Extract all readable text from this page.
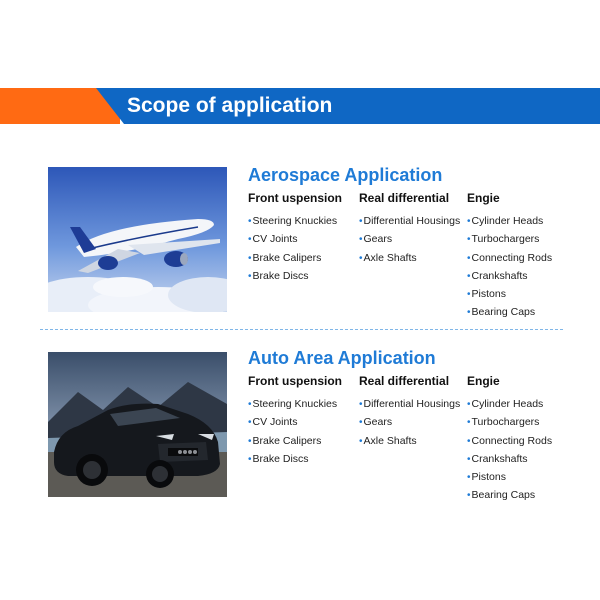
Scope of application
Aerospace Application
Front uspension
•Steering Knuckies
•CV Joints
•Brake Calipers
•Brake Discs
Real differential
•Differential Housings
•Gears
•Axle Shafts
Engie
•Cylinder Heads
•Turbochargers
•Connecting Rods
•Crankshafts
•Pistons
•Bearing Caps
Auto Area Application
Front uspension
•Steering Knuckies
•CV Joints
•Brake Calipers
•Brake Discs
Real differential
•Differential Housings
•Gears
•Axle Shafts
Engie
•Cylinder Heads
•Turbochargers
•Connecting Rods
•Crankshafts
•Pistons
•Bearing Caps
